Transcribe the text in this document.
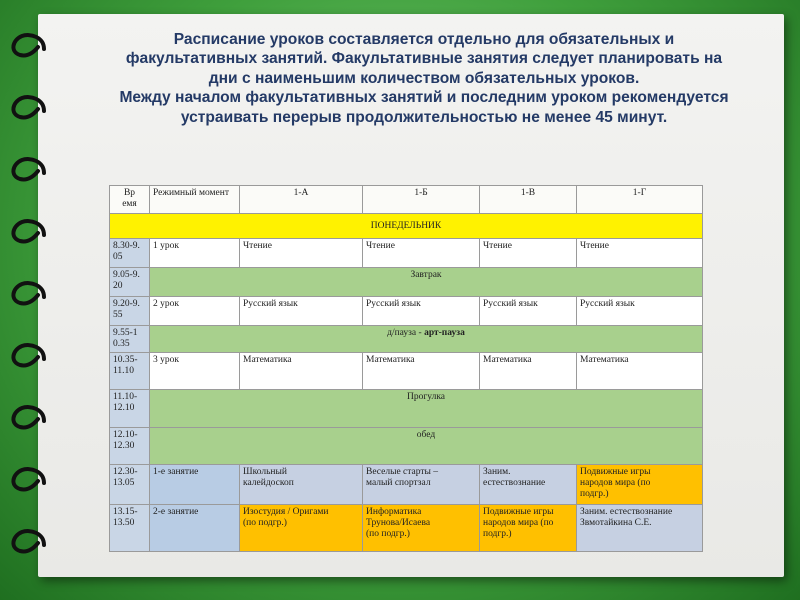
Расписание уроков составляется отдельно для обязательных и
факультативных занятий. Факультативные занятия следует планировать на
дни с наименьшим количеством обязательных уроков.
Между началом факультативных занятий и последним уроком рекомендуется
устраивать перерыв продолжительностью не менее 45 минут.
Вр
емя	Режимный момент	1-А	1-Б	1-В	1-Г
ПОНЕДЕЛЬНИК					
8.30-9.
05	1 урок	Чтение	Чтение	Чтение	Чтение
9.05-9.
20	Завтрак				
9.20-9.
55	2 урок	Русский язык	Русский язык	Русский язык	Русский язык
9.55-1
0.35	д/пауза - арт-пауза				
10.35-
11.10	3 урок	Математика	Математика	Математика	Математика
11.10-
12.10	Прогулка				
12.10-
12.30	обед				
12.30-
13.05	1-е занятие	Школьный
калейдоскоп	Веселые старты –
малый спортзал	Заним.
естествознание	Подвижные игры
народов мира (по
подгр.)
13.15-
13.50	2-е занятие	Изостудия / Оригами
(по подгр.)	Информатика
Трунова/Исаева
(по подгр.)	Подвижные игры
народов мира (по
подгр.)	Заним. естествознание
Звмотайкина С.Е.
